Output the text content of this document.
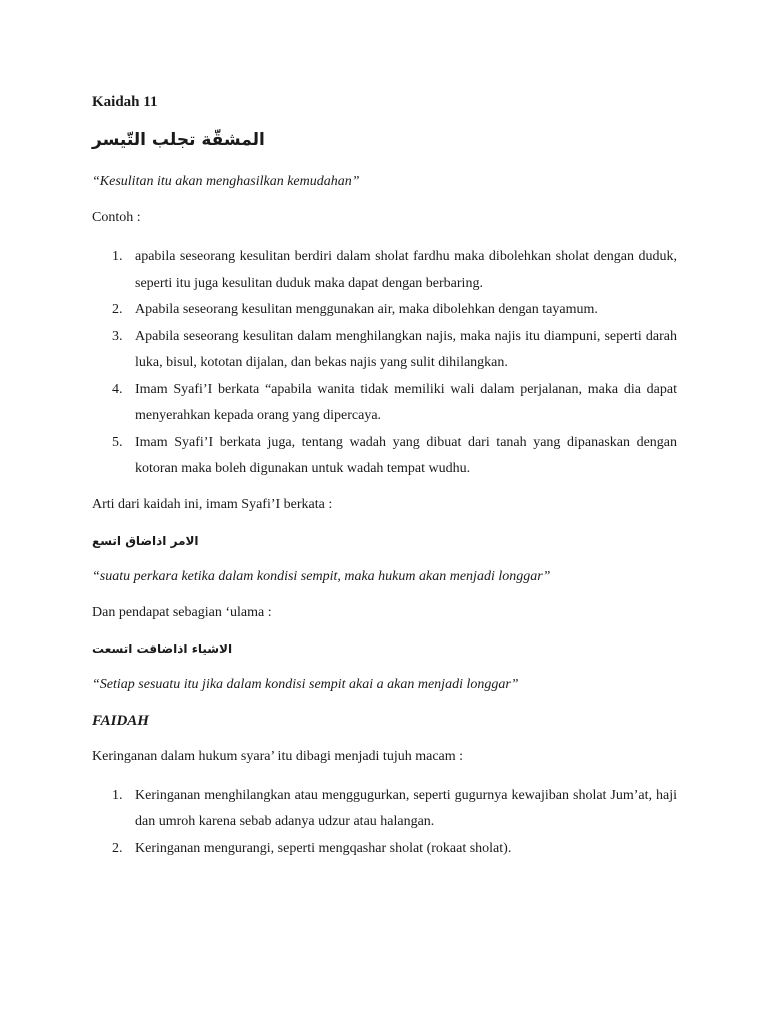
Kaidah 11

المشقّة تجلب التّيسر

“Kesulitan itu akan menghasilkan kemudahan”

Contoh :

1. apabila seseorang kesulitan berdiri dalam sholat fardhu maka dibolehkan sholat dengan duduk, seperti itu juga kesulitan duduk maka dapat dengan berbaring.
2. Apabila seseorang kesulitan menggunakan air, maka dibolehkan dengan tayamum.
3. Apabila seseorang kesulitan dalam menghilangkan najis, maka najis itu diampuni, seperti darah luka, bisul, kototan dijalan, dan bekas najis yang sulit dihilangkan.
4. Imam Syafi’I berkata “apabila wanita tidak memiliki wali dalam perjalanan, maka dia dapat menyerahkan kepada orang yang dipercaya.
5. Imam Syafi’I berkata juga, tentang wadah yang dibuat dari tanah yang dipanaskan dengan kotoran maka boleh digunakan untuk wadah tempat wudhu.

Arti dari kaidah ini, imam Syafi’I berkata :

الامر اذاضاق اتسع

“suatu perkara ketika dalam kondisi sempit, maka hukum akan menjadi longgar”

Dan pendapat sebagian ‘ulama :

الاشياء اذاضاقت اتسعت

“Setiap sesuatu itu jika dalam kondisi sempit akai a akan menjadi longgar”

FAIDAH

Keringanan dalam hukum syara’ itu dibagi menjadi tujuh macam :

1. Keringanan menghilangkan atau menggugurkan, seperti gugurnya kewajiban sholat Jum’at, haji dan umroh karena sebab adanya udzur atau halangan.
2. Keringanan mengurangi, seperti mengqashar sholat (rokaat sholat).
